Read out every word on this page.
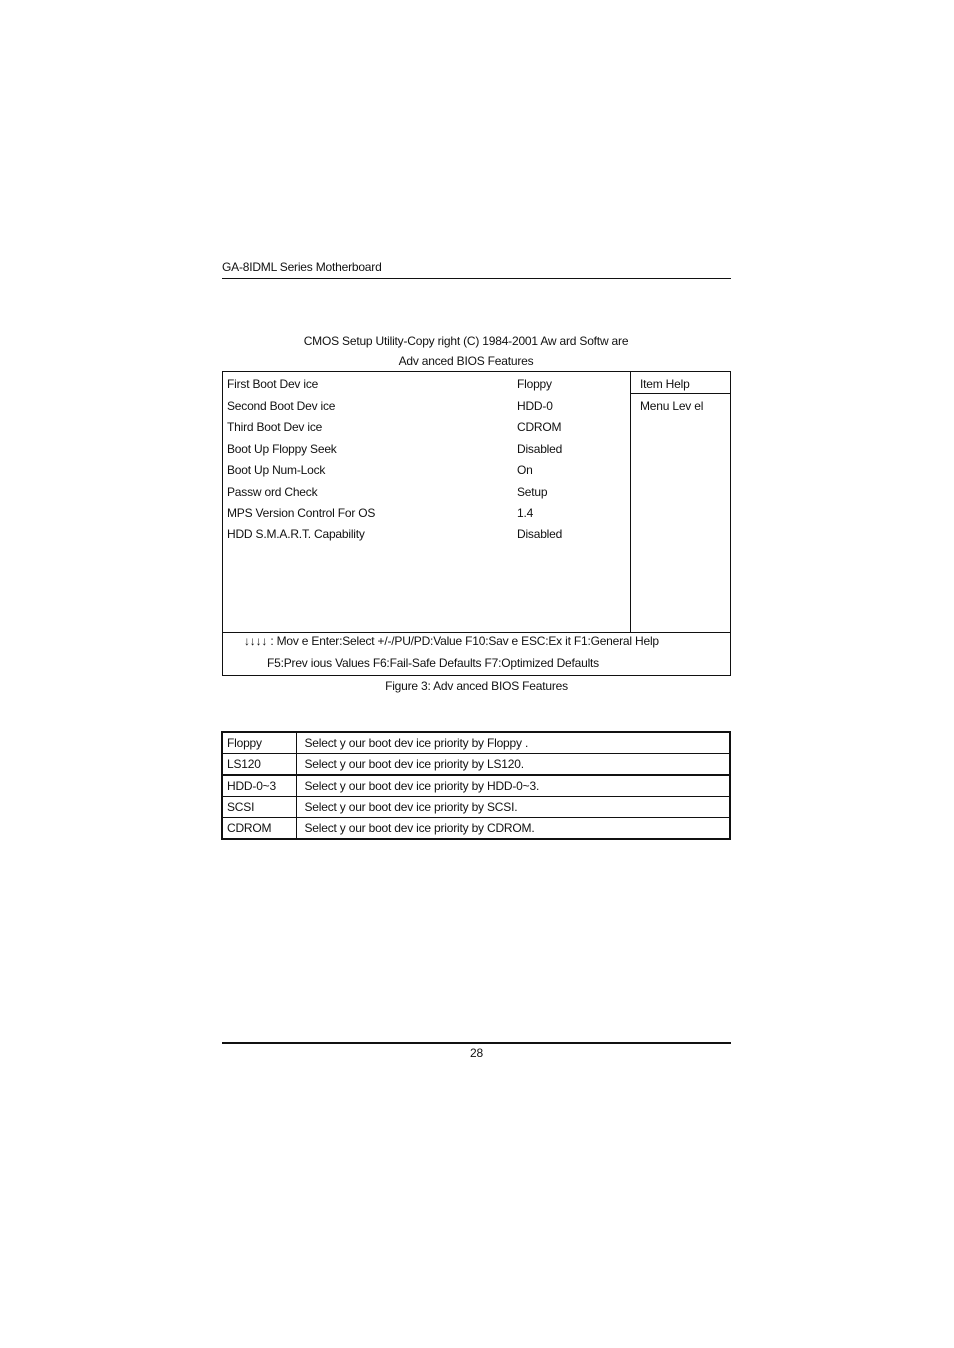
GA-8IDML Series Motherboard
CMOS Setup Utility-Copy right (C) 1984-2001 Aw ard Softw are
Adv anced BIOS Features
First Boot Dev ice	Floppy
Second Boot Dev ice	HDD-0
Third Boot Dev ice	CDROM
Boot Up Floppy Seek	Disabled
Boot Up Num-Lock	On
Passw ord Check	Setup
MPS Version Control For OS	1.4
HDD S.M.A.R.T. Capability	Disabled
Item Help
Menu Lev el
↓↓↓↓ : Mov e Enter:Select +/-/PU/PD:Value F10:Sav e ESC:Ex it F1:General Help
F5:Prev ious Values F6:Fail-Safe Defaults F7:Optimized Defaults
Figure 3: Adv anced BIOS Features
Floppy	Select y our boot dev ice priority by Floppy .
LS120	Select y our boot dev ice priority by LS120.
HDD-0~3	Select y our boot dev ice priority by HDD-0~3.
SCSI	Select y our boot dev ice priority by SCSI.
CDROM	Select y our boot dev ice priority by CDROM.
28
